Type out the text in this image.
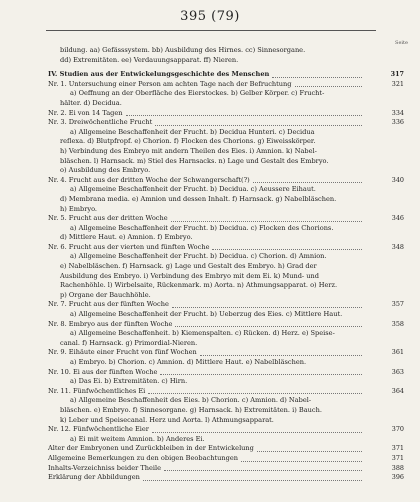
395 (79)
Seite
bildung. aa) Gefässsystem. bb) Ausbildung des Hirnes. cc) Sinnesorgane.
dd) Extremitäten. ee) Verdauungsapparat. ff) Nieren.
IV. Studien aus der Entwickelungsgeschichte des Menschen	317
Nr. 1. Untersuchung einer Person am achten Tage nach der Befruchtung	321
a) Oeffnung an der Oberfläche des Eierstockes. b) Gelber Körper. c) Frucht-
hälter. d) Decidua.
Nr. 2. Ei von 14 Tagen	334
Nr. 3. Dreiwöchentliche Frucht	336
a) Allgemeine Beschaffenheit der Frucht. b) Decidua Hunteri. c) Decidua
reflexa. d) Blutpfropf. e) Chorion. f) Flocken des Chorions. g) Eiweisskörper.
h) Verbindung des Embryo mit andern Theilen des Eies. i) Amnion. k) Nabel-
bläschen. l) Harnsack. m) Stiel des Harnsacks. n) Lage und Gestalt des Embryo.
o) Ausbildung des Embryo.
Nr. 4. Frucht aus der dritten Woche der Schwangerschaft(?)	340
a) Allgemeine Beschaffenheit der Frucht. b) Decidua. c) Aeussere Eihaut.
d) Membrana media. e) Amnion und dessen Inhalt. f) Harnsack. g) Nabelbläschen.
h) Embryo.
Nr. 5. Frucht aus der dritten Woche	346
a) Allgemeine Beschaffenheit der Frucht. b) Decidua. c) Flocken des Chorions.
d) Mittlere Haut. e) Amnion. f) Embryo.
Nr. 6. Frucht aus der vierten und fünften Woche	348
a) Allgemeine Beschaffenheit der Frucht. b) Decidua. c) Chorion. d) Amnion.
e) Nabelbläschen. f) Harnsack. g) Lage und Gestalt des Embryo. h) Grad der
Ausbildung des Embryo. i) Verbindung des Embryo mit dem Ei. k) Mund- und
Rachenhöhle. l) Wirbelsaite, Rückenmark. m) Aorta. n) Athmungsapparat. o) Herz.
p) Organe der Bauchhöhle.
Nr. 7. Frucht aus der fünften Woche	357
a) Allgemeine Beschaffenheit der Frucht. b) Ueberzug des Eies. c) Mittlere Haut.
Nr. 8. Embryo aus der fünften Woche	358
a) Allgemeine Beschaffenheit. b) Kiemenspalten. c) Rücken. d) Herz. e) Speise-
canal. f) Harnsack. g) Primordial-Nieren.
Nr. 9. Eihäute einer Frucht von fünf Wochen	361
a) Embryo. b) Chorion. c) Amnion. d) Mittlere Haut. e) Nabelbläschen.
Nr. 10. Ei aus der fünften Woche	363
a) Das Ei. b) Extremitäten. c) Hirn.
Nr. 11. Fünfwöchentliches Ei	364
a) Allgemeine Beschaffenheit des Eies. b) Chorion. c) Amnion. d) Nabel-
bläschen. e) Embryo. f) Sinnesorgane. g) Harnsack. h) Extremitäten. i) Bauch.
k) Leber und Speisecanal. Herz und Aorta. l) Athmungsapparat.
Nr. 12. Fünfwöchentliche Eier	370
a) Ei mit weitem Amnion. b) Anderes Ei.
Alter der Embryonen und Zurückbleiben in der Entwickelung	371
Allgemeine Bemerkungen zu den obigen Beobachtungen	371
Inhalts-Verzeichniss beider Theile	388
Erklärung der Abbildungen	396
